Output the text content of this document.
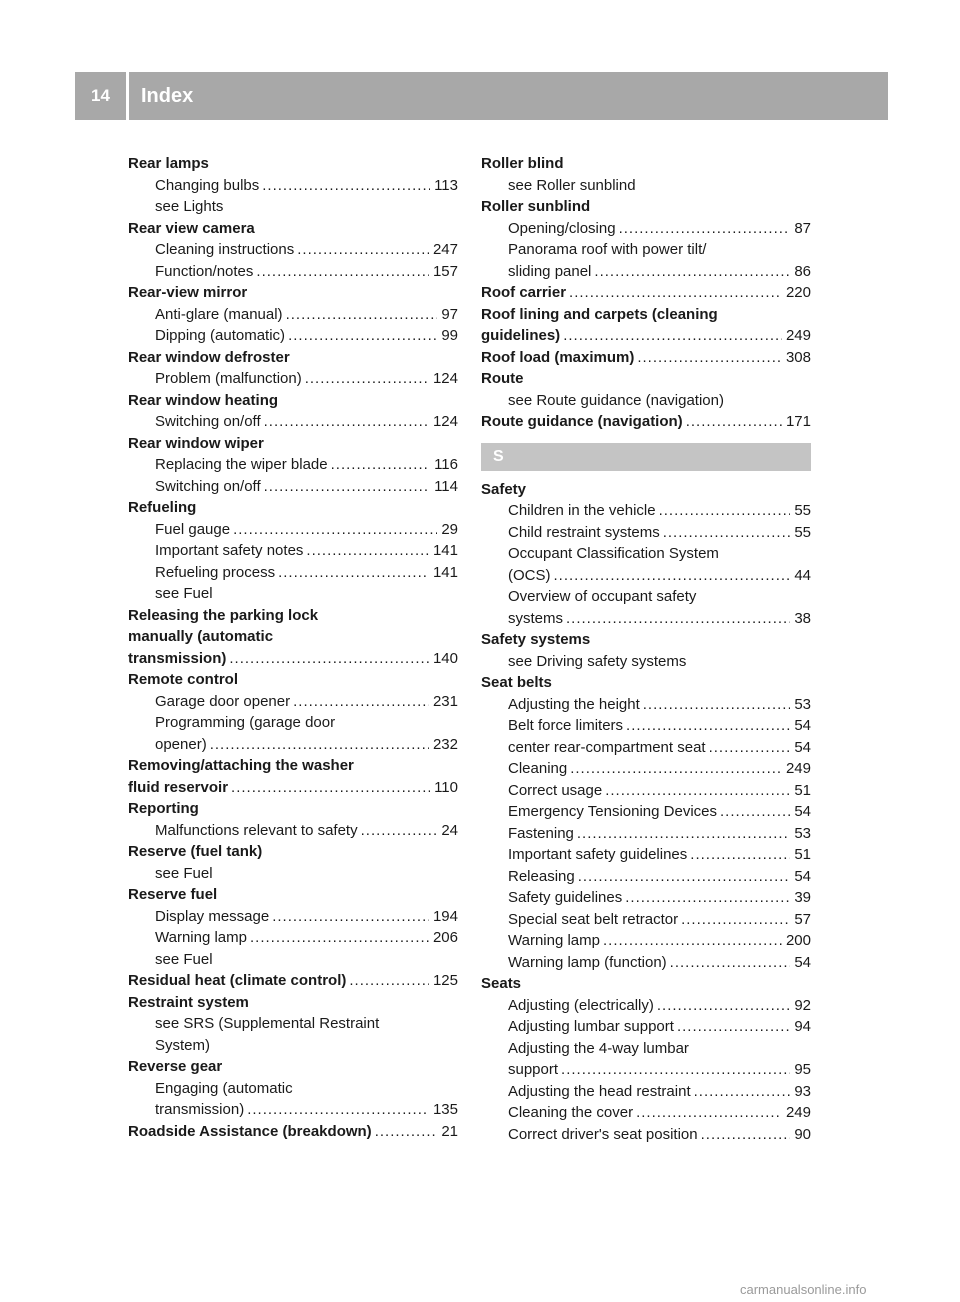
14	Index
Rear lamps
Changing bulbs .....	113
see Lights
Rear view camera
Cleaning instructions .....	247
Function/notes .....	157
Rear-view mirror
Anti-glare (manual) .....	97
Dipping (automatic) .....	99
Rear window defroster
Problem (malfunction) .....	124
Rear window heating
Switching on/off .....	124
Rear window wiper
Replacing the wiper blade .....	116
Switching on/off .....	114
Refueling
Fuel gauge .....	29
Important safety notes .....	141
Refueling process .....	141
see Fuel
Releasing the parking lock
manually (automatic
transmission) .....	140
Remote control
Garage door opener .....	231
Programming (garage door
opener) .....	232
Removing/attaching the washer
fluid reservoir .....	110
Reporting
Malfunctions relevant to safety .....	24
Reserve (fuel tank)
see Fuel
Reserve fuel
Display message .....	194
Warning lamp .....	206
see Fuel
Residual heat (climate control) .....	125
Restraint system
see SRS (Supplemental Restraint
System)
Reverse gear
Engaging (automatic
transmission) .....	135
Roadside Assistance (breakdown) .....	21
Roller blind
see Roller sunblind
Roller sunblind
Opening/closing .....	87
Panorama roof with power tilt/
sliding panel .....	86
Roof carrier .....	220
Roof lining and carpets (cleaning
guidelines) .....	249
Roof load (maximum) .....	308
Route
see Route guidance (navigation)
Route guidance (navigation) .....	171
S
Safety
Children in the vehicle .....	55
Child restraint systems .....	55
Occupant Classification System
(OCS) .....	44
Overview of occupant safety
systems .....	38
Safety systems
see Driving safety systems
Seat belts
Adjusting the height .....	53
Belt force limiters .....	54
center rear-compartment seat .....	54
Cleaning .....	249
Correct usage .....	51
Emergency Tensioning Devices .....	54
Fastening .....	53
Important safety guidelines .....	51
Releasing .....	54
Safety guidelines .....	39
Special seat belt retractor .....	57
Warning lamp .....	200
Warning lamp (function) .....	54
Seats
Adjusting (electrically) .....	92
Adjusting lumbar support .....	94
Adjusting the 4-way lumbar
support .....	95
Adjusting the head restraint .....	93
Cleaning the cover .....	249
Correct driver's seat position .....	90
carmanualsonline.info
